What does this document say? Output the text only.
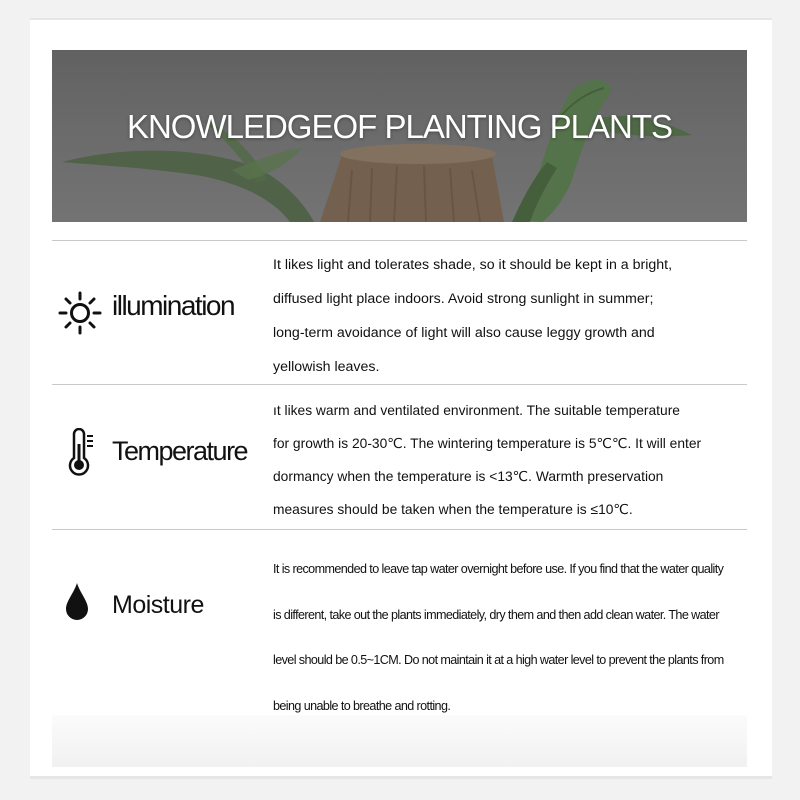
KNOWLEDGEOF PLANTING PLANTS
illumination

It likes light and tolerates shade, so it should be kept in a bright,

diffused light place indoors. Avoid strong sunlight in summer;

long-term avoidance of light will also cause leggy growth and

yellowish leaves.

Temperature

ıt likes warm and ventilated environment. The suitable temperature

for growth is 20-30℃. The wintering temperature is 5℃℃. It will enter

dormancy when the temperature is <13℃. Warmth preservation

measures should be taken when the temperature is ≤10℃.

Moisture

It is recommended to leave tap water overnight before use. If you find that the water quality

is different, take out the plants immediately, dry them and then add clean water. The water

level should be 0.5~1CM. Do not maintain it at a high water level to prevent the plants from

being unable to breathe and rotting.
